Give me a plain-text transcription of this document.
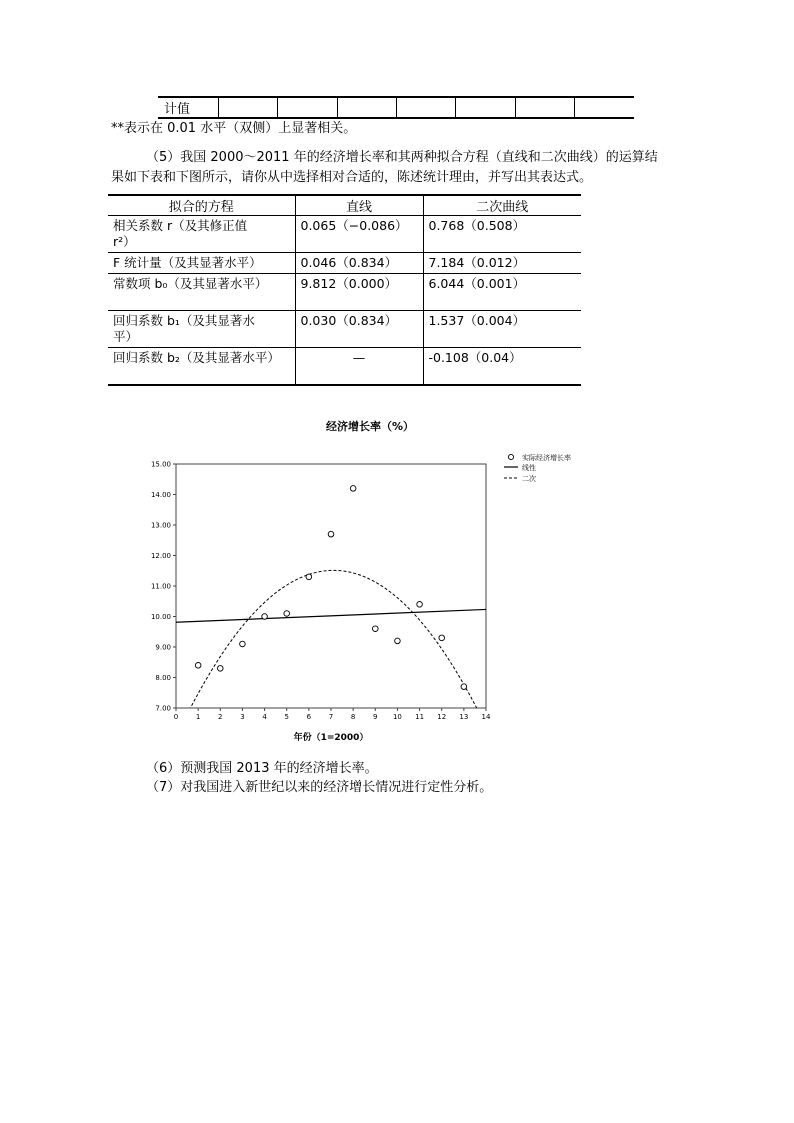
计值							
**表示在 0.01 水平（双侧）上显著相关。
（5）我国 2000～2011 年的经济增长率和其两种拟合方程（直线和二次曲线）的运算结
果如下表和下图所示，请你从中选择相对合适的，陈述统计理由，并写出其表达式。
拟合的方程	直线	二次曲线

相关系数 r（及其修正值
r²）	0.065（−0.086）	0.768（0.508）
F 统计量（及其显著水平）	0.046（0.834）	7.184（0.012）
常数项 b₀（及其显著水平）	9.812（0.000）	6.044（0.001）

回归系数 b₁（及其显著水
平）	0.030（0.834）	1.537（0.004）
回归系数 b₂（及其显著水平）	—	-0.108（0.04）
7.00
8.00
9.00
10.00
11.00
12.00
13.00
14.00
15.00
0	1	2	3	4	5	6	7	8	9 10 11 12 13 14
年份（1=2000）
实际经济增长率
线性
二次
经济增长率（%）
（6）预测我国 2013 年的经济增长率。
（7）对我国进入新世纪以来的经济增长情况进行定性分析。
